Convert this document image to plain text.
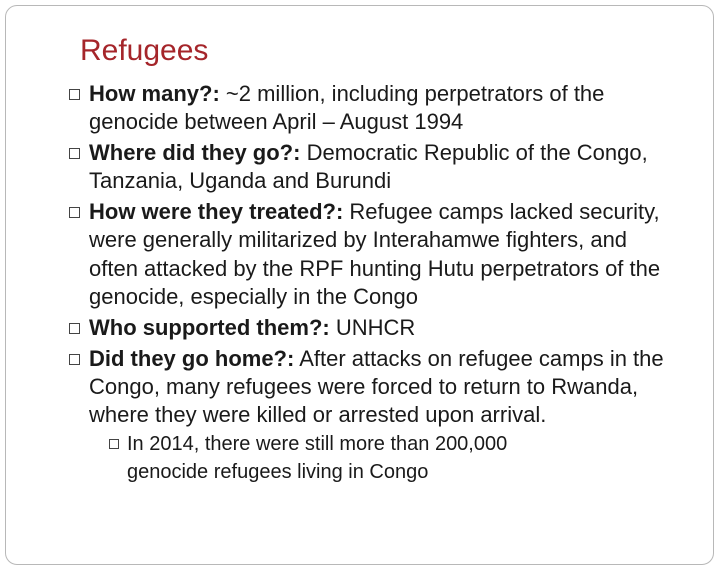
Refugees

How many?: ~2 million, including perpetrators of the genocide between April – August 1994

Where did they go?: Democratic Republic of the Congo, Tanzania, Uganda and Burundi

How were they treated?: Refugee camps lacked security, were generally militarized by Interahamwe fighters, and often attacked by the RPF hunting Hutu perpetrators of the genocide, especially in the Congo

Who supported them?: UNHCR

Did they go home?: After attacks on refugee camps in the Congo, many refugees were forced to return to Rwanda, where they were killed or arrested upon arrival.

In 2014, there were still more than 200,000

genocide refugees living in Congo
